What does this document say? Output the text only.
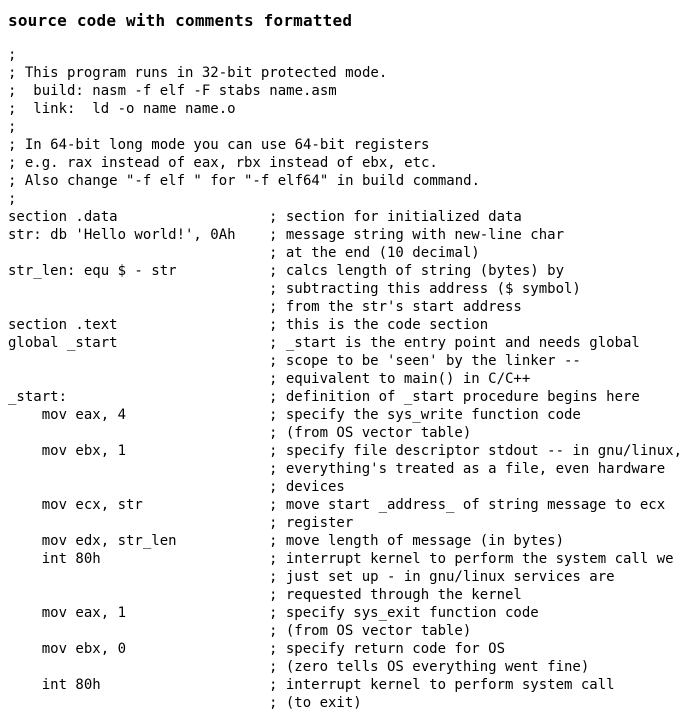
source code with comments formatted
;
; This program runs in 32-bit protected mode.
;  build: nasm -f elf -F stabs name.asm
;  link:  ld -o name name.o
;
; In 64-bit long mode you can use 64-bit registers
; e.g. rax instead of eax, rbx instead of ebx, etc.
; Also change "-f elf " for "-f elf64" in build command.
;
section .data	; section for initialized data
str: db 'Hello world!', 0Ah ; message string with new-line char
; at the end (10 decimal)
str_len: equ $ - str	; calcs length of string (bytes) by
; subtracting this address ($ symbol)
; from the str's start address
section .text	; this is the code section
global _start	; _start is the entry point and needs global
; scope to be 'seen' by the linker --
; equivalent to main() in C/C++
_start:	; definition of _start procedure begins here
mov eax, 4	; specify the sys_write function code
; (from OS vector table)
mov ebx, 1	; specify file descriptor stdout -- in gnu/linux,
; everything's treated as a file, even hardware
; devices
mov ecx, str	; move start _address_ of string message to ecx
; register
mov edx, str_len	; move length of message (in bytes)
int 80h	; interrupt kernel to perform the system call we
; just set up - in gnu/linux services are
; requested through the kernel
mov eax, 1	; specify sys_exit function code
; (from OS vector table)
mov ebx, 0	; specify return code for OS
; (zero tells OS everything went fine)
int 80h	; interrupt kernel to perform system call
; (to exit)
